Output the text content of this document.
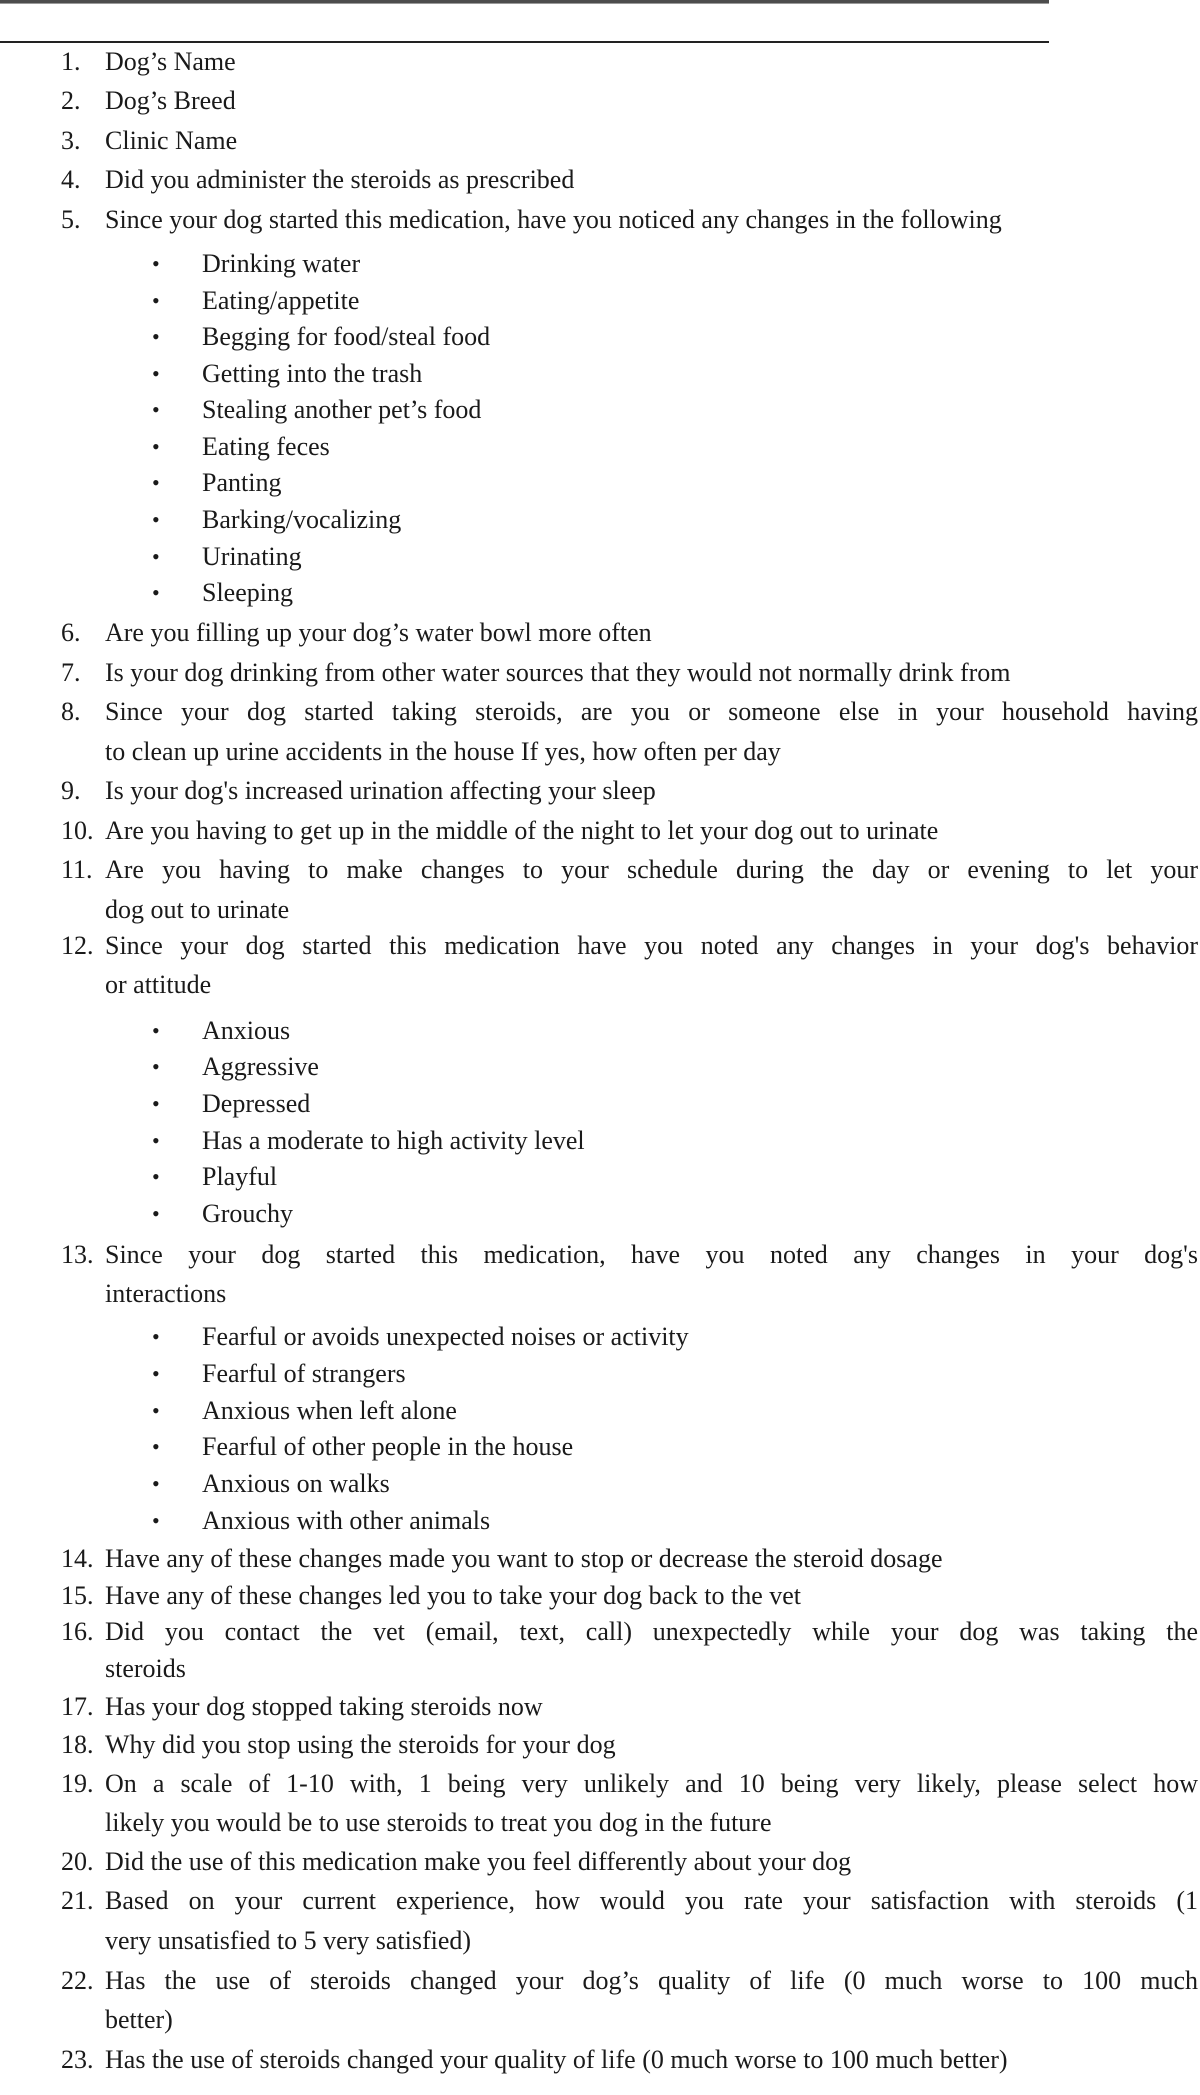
1. Dog’s Name
2. Dog’s Breed
3. Clinic Name
4. Did you administer the steroids as prescribed
5. Since your dog started this medication, have you noticed any changes in the following
• Drinking water
• Eating/appetite
• Begging for food/steal food
• Getting into the trash
• Stealing another pet’s food
• Eating feces
• Panting
• Barking/vocalizing
• Urinating
• Sleeping
6. Are you filling up your dog’s water bowl more often
7. Is your dog drinking from other water sources that they would not normally drink from
8. Since your dog started taking steroids, are you or someone else in your household having
to clean up urine accidents in the house If yes, how often per day
9. Is your dog's increased urination affecting your sleep
10. Are you having to get up in the middle of the night to let your dog out to urinate
11. Are you having to make changes to your schedule during the day or evening to let your
dog out to urinate
12. Since your dog started this medication have you noted any changes in your dog's behavior
or attitude
• Anxious
• Aggressive
• Depressed
• Has a moderate to high activity level
• Playful
• Grouchy
13. Since your dog started this medication, have you noted any changes in your dog's
interactions
• Fearful or avoids unexpected noises or activity
• Fearful of strangers
• Anxious when left alone
• Fearful of other people in the house
• Anxious on walks
• Anxious with other animals
14. Have any of these changes made you want to stop or decrease the steroid dosage
15. Have any of these changes led you to take your dog back to the vet
16. Did you contact the vet (email, text, call) unexpectedly while your dog was taking the
steroids
17. Has your dog stopped taking steroids now
18. Why did you stop using the steroids for your dog
19. On a scale of 1-10 with, 1 being very unlikely and 10 being very likely, please select how
likely you would be to use steroids to treat you dog in the future
20. Did the use of this medication make you feel differently about your dog
21. Based on your current experience, how would you rate your satisfaction with steroids (1
very unsatisfied to 5 very satisfied)
22. Has the use of steroids changed your dog’s quality of life (0 much worse to 100 much
better)
23. Has the use of steroids changed your quality of life (0 much worse to 100 much better)
